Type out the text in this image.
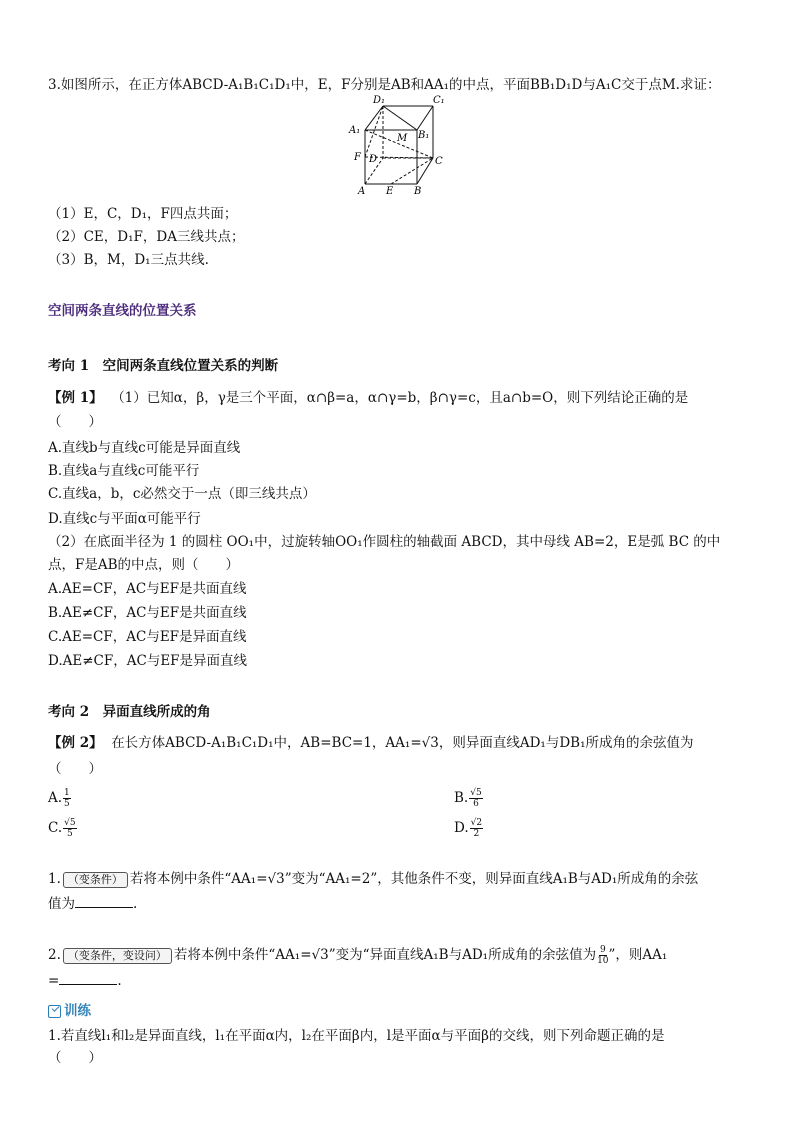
3.如图所示，在正方体ABCD-A₁B₁C₁D₁中，E，F分别是AB和AA₁的中点，平面BB₁D₁D与A₁C交于点M.求证：
D₁	C₁
A₁	B₁
M
F D	C
A E B
（1）E，C，D₁，F四点共面；
（2）CE，D₁F，DA三线共点；
（3）B，M，D₁三点共线.
空间两条直线的位置关系
考向 1　空间两条直线位置关系的判断
【例 1】 （1）已知α，β，γ是三个平面，α∩β=a，α∩γ=b，β∩γ=c，且a∩b=O，则下列结论正确的是
（　　）
A.直线b与直线c可能是异面直线
B.直线a与直线c可能平行
C.直线a，b，c必然交于一点（即三线共点）
D.直线c与平面α可能平行
（2）在底面半径为 1 的圆柱 OO₁中，过旋转轴OO₁作圆柱的轴截面 ABCD，其中母线 AB=2，E是弧 BC 的中
点，F是AB的中点，则（　　）
A.AE=CF，AC与EF是共面直线
B.AE≠CF，AC与EF是共面直线
C.AE=CF，AC与EF是异面直线
D.AE≠CF，AC与EF是异面直线
考向 2　异面直线所成的角
【例 2】 在长方体ABCD-A₁B₁C₁D₁中，AB=BC=1，AA₁=√3，则异面直线AD₁与DB₁所成角的余弦值为
（　　）
A. $\frac{1}{5}$	B. $\frac{√5}{6}$
C. $\frac{√5}{5}$	D. $\frac{√2}{2}$
1. （变条件） 若将本例中条件“AA₁=√3”变为“AA₁=2”，其他条件不变，则异面直线A₁B与AD₁所成角的余弦
值为	.
2. （变条件，变设问） 若将本例中条件“AA₁=√3”变为“异面直线A₁B与AD₁所成角的余弦值为 $\frac{9}{10}$ ”，则AA₁
=	.
训练
1.若直线l₁和l₂是异面直线，l₁在平面α内，l₂在平面β内，l是平面α与平面β的交线，则下列命题正确的是
（　　）
